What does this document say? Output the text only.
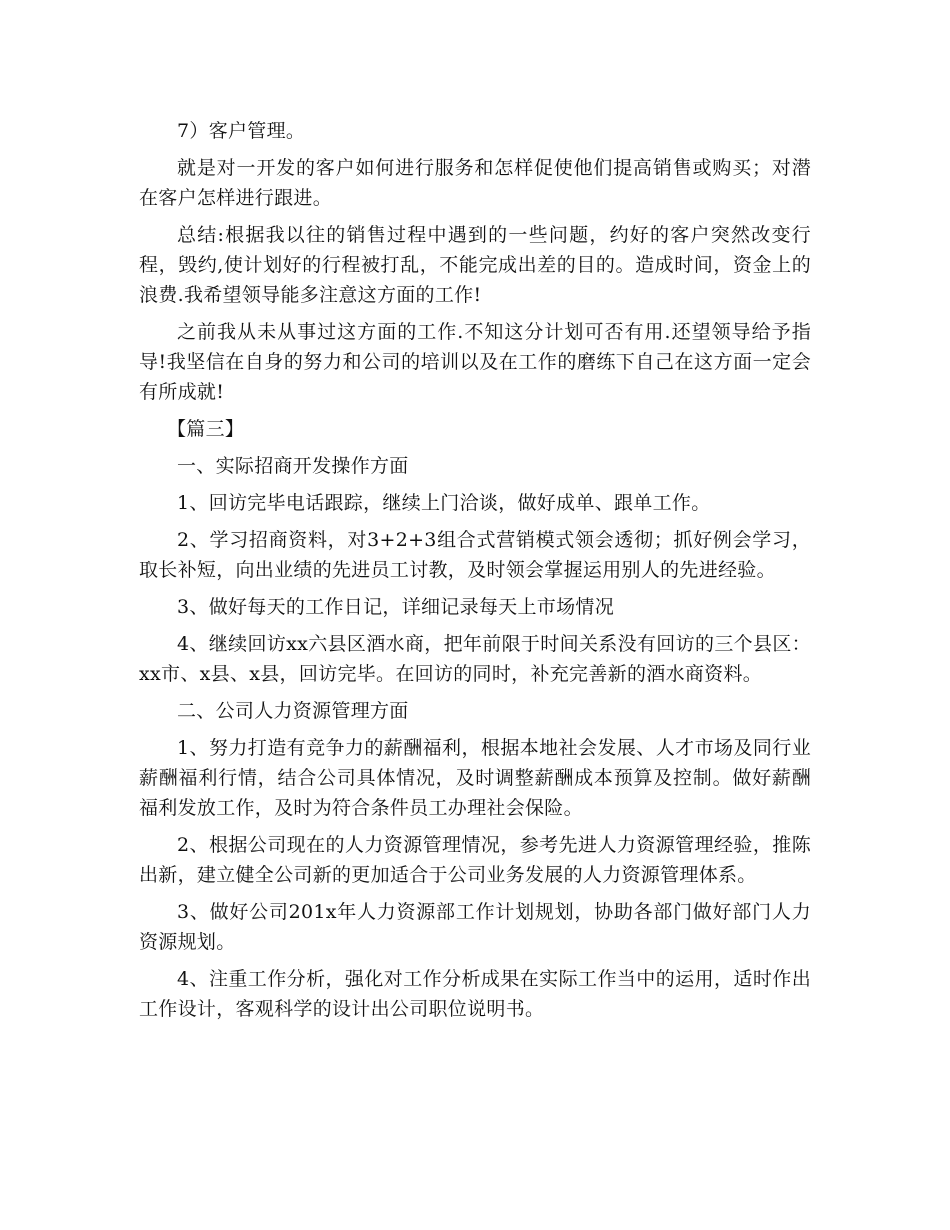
7）客户管理。

就是对一开发的客户如何进行服务和怎样促使他们提高销售或购买；对潜在客户怎样进行跟进。

总结:根据我以往的销售过程中遇到的一些问题，约好的客户突然改变行程，毁约,使计划好的行程被打乱，不能完成出差的目的。造成时间，资金上的浪费.我希望领导能多注意这方面的工作!

之前我从未从事过这方面的工作.不知这分计划可否有用.还望领导给予指导!我坚信在自身的努力和公司的培训以及在工作的磨练下自己在这方面一定会有所成就!

【篇三】

一、实际招商开发操作方面

1、回访完毕电话跟踪，继续上门洽谈，做好成单、跟单工作。

2、学习招商资料，对3+2+3组合式营销模式领会透彻；抓好例会学习，取长补短，向出业绩的先进员工讨教，及时领会掌握运用别人的先进经验。

3、做好每天的工作日记，详细记录每天上市场情况

4、继续回访xx六县区酒水商，把年前限于时间关系没有回访的三个县区：xx市、x县、x县，回访完毕。在回访的同时，补充完善新的酒水商资料。

二、公司人力资源管理方面

1、努力打造有竞争力的薪酬福利，根据本地社会发展、人才市场及同行业薪酬福利行情，结合公司具体情况，及时调整薪酬成本预算及控制。做好薪酬福利发放工作，及时为符合条件员工办理社会保险。

2、根据公司现在的人力资源管理情况，参考先进人力资源管理经验，推陈出新，建立健全公司新的更加适合于公司业务发展的人力资源管理体系。

3、做好公司201x年人力资源部工作计划规划，协助各部门做好部门人力资源规划。

4、注重工作分析，强化对工作分析成果在实际工作当中的运用，适时作出工作设计，客观科学的设计出公司职位说明书。
